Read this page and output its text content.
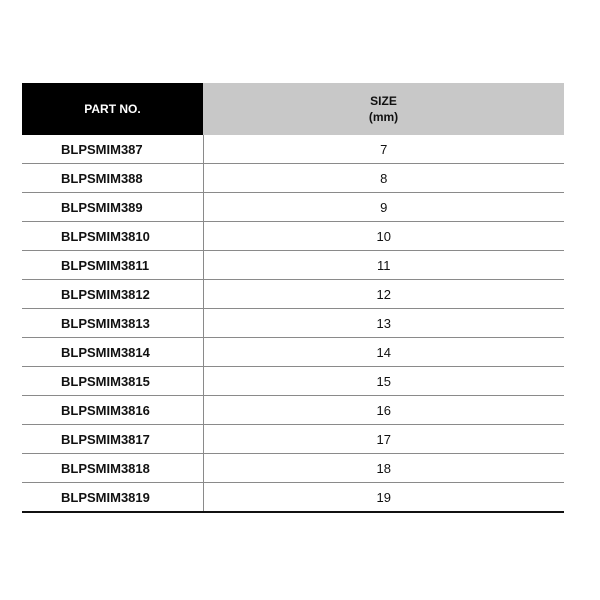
PART NO.	SIZE
(mm)

BLPSMIM387	7
BLPSMIM388	8
BLPSMIM389	9
BLPSMIM3810	10
BLPSMIM3811	11
BLPSMIM3812	12
BLPSMIM3813	13
BLPSMIM3814	14
BLPSMIM3815	15
BLPSMIM3816	16
BLPSMIM3817	17
BLPSMIM3818	18
BLPSMIM3819	19
